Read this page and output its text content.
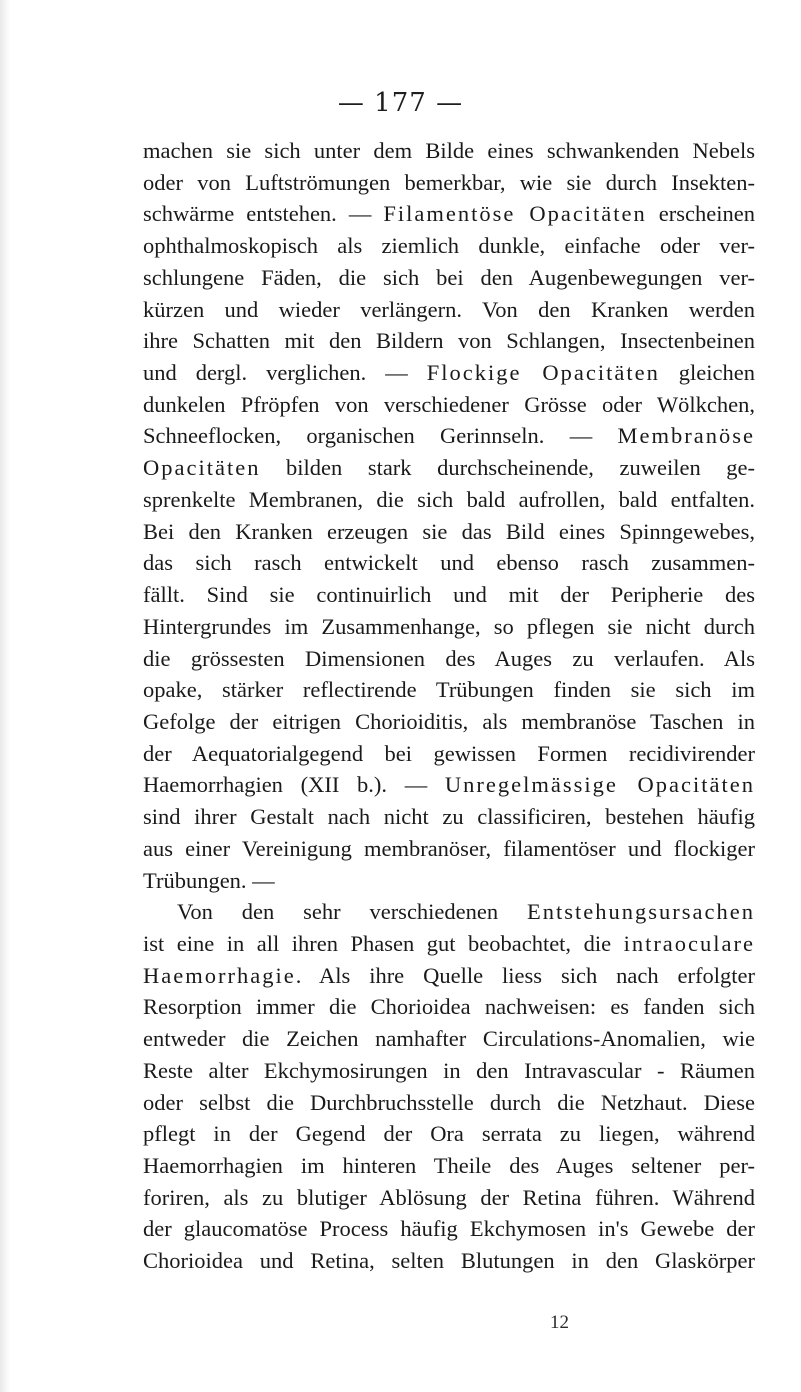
— 177 —
machen sie sich unter dem Bilde eines schwankenden Nebels
oder von Luftströmungen bemerkbar, wie sie durch Insekten-
schwärme entstehen. — Filamentöse Opacitäten erscheinen
ophthalmoskopisch als ziemlich dunkle, einfache oder ver-
schlungene Fäden, die sich bei den Augenbewegungen ver-
kürzen und wieder verlängern. Von den Kranken werden
ihre Schatten mit den Bildern von Schlangen, Insectenbeinen
und dergl. verglichen. — Flockige Opacitäten gleichen
dunkelen Pfröpfen von verschiedener Grösse oder Wölkchen,
Schneeflocken, organischen Gerinnseln. — Membranöse
Opacitäten bilden stark durchscheinende, zuweilen ge-
sprenkelte Membranen, die sich bald aufrollen, bald entfalten.
Bei den Kranken erzeugen sie das Bild eines Spinngewebes,
das sich rasch entwickelt und ebenso rasch zusammen-
fällt. Sind sie continuirlich und mit der Peripherie des
Hintergrundes im Zusammenhange, so pflegen sie nicht durch
die grössesten Dimensionen des Auges zu verlaufen. Als
opake, stärker reflectirende Trübungen finden sie sich im
Gefolge der eitrigen Chorioiditis, als membranöse Taschen in
der Aequatorialgegend bei gewissen Formen recidivirender
Haemorrhagien (XII b.). — Unregelmässige Opacitäten
sind ihrer Gestalt nach nicht zu classificiren, bestehen häufig
aus einer Vereinigung membranöser, filamentöser und flockiger
Trübungen. —
Von den sehr verschiedenen Entstehungsursachen
ist eine in all ihren Phasen gut beobachtet, die intraoculare
Haemorrhagie. Als ihre Quelle liess sich nach erfolgter
Resorption immer die Chorioidea nachweisen: es fanden sich
entweder die Zeichen namhafter Circulations-Anomalien, wie
Reste alter Ekchymosirungen in den Intravascular - Räumen
oder selbst die Durchbruchsstelle durch die Netzhaut. Diese
pflegt in der Gegend der Ora serrata zu liegen, während
Haemorrhagien im hinteren Theile des Auges seltener per-
foriren, als zu blutiger Ablösung der Retina führen. Während
der glaucomatöse Process häufig Ekchymosen in's Gewebe der
Chorioidea und Retina, selten Blutungen in den Glaskörper
12
